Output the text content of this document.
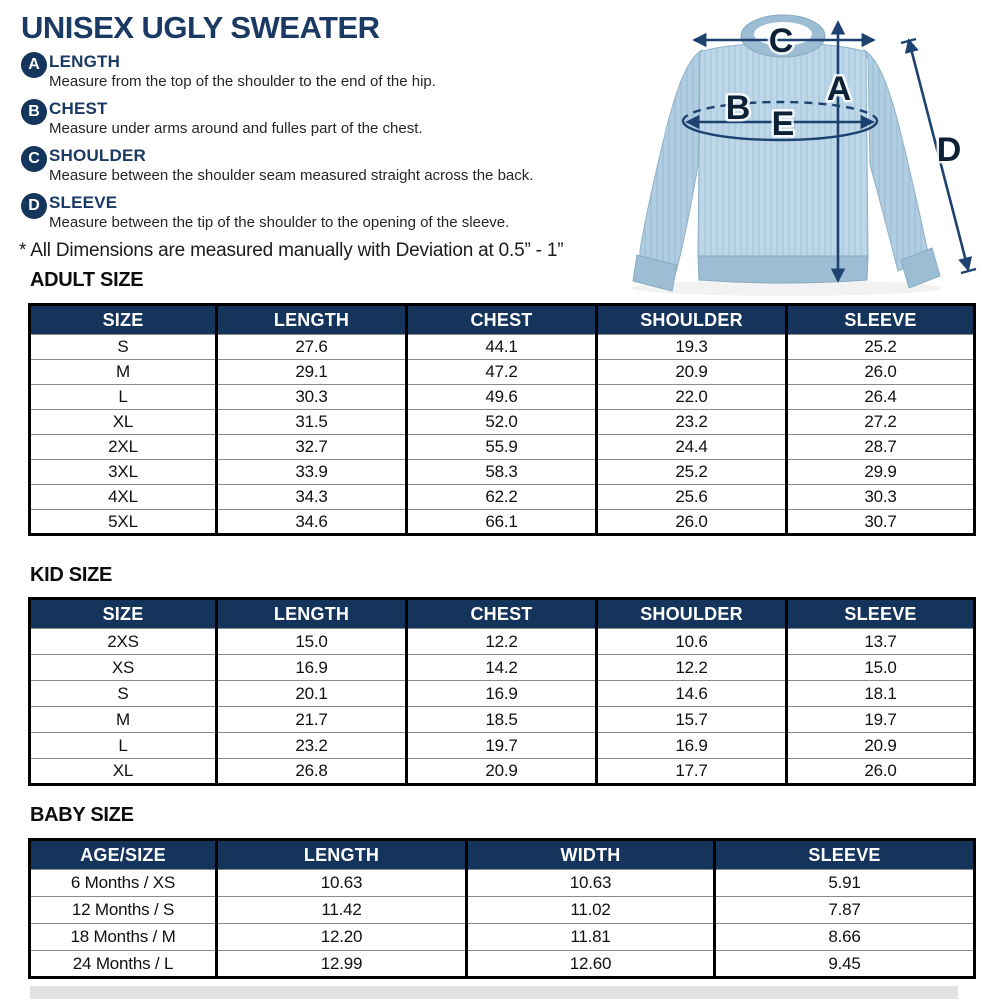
UNISEX UGLY SWEATER
A LENGTH
Measure from the top of the shoulder to the end of the hip.
B CHEST
Measure under arms around and fulles part of the chest.
C SHOULDER
Measure between the shoulder seam measured straight across the back.
D SLEEVE
Measure between the tip of the shoulder to the opening of the sleeve.
* All Dimensions are measured manually with Deviation at 0.5” - 1”
C
A
B E
D
ADULT SIZE
SIZE	LENGTH	CHEST	SHOULDER	SLEEVE
S	27.6	44.1	19.3	25.2
M	29.1	47.2	20.9	26.0
L	30.3	49.6	22.0	26.4
XL	31.5	52.0	23.2	27.2
2XL	32.7	55.9	24.4	28.7
3XL	33.9	58.3	25.2	29.9
4XL	34.3	62.2	25.6	30.3
5XL	34.6	66.1	26.0	30.7
KID SIZE
SIZE	LENGTH	CHEST	SHOULDER	SLEEVE
2XS	15.0	12.2	10.6	13.7
XS	16.9	14.2	12.2	15.0
S	20.1	16.9	14.6	18.1
M	21.7	18.5	15.7	19.7
L	23.2	19.7	16.9	20.9
XL	26.8	20.9	17.7	26.0
BABY SIZE
AGE/SIZE	LENGTH	WIDTH	SLEEVE
6 Months / XS	10.63	10.63	5.91
12 Months / S	11.42	11.02	7.87
18 Months / M	12.20	11.81	8.66
24 Months / L	12.99	12.60	9.45
